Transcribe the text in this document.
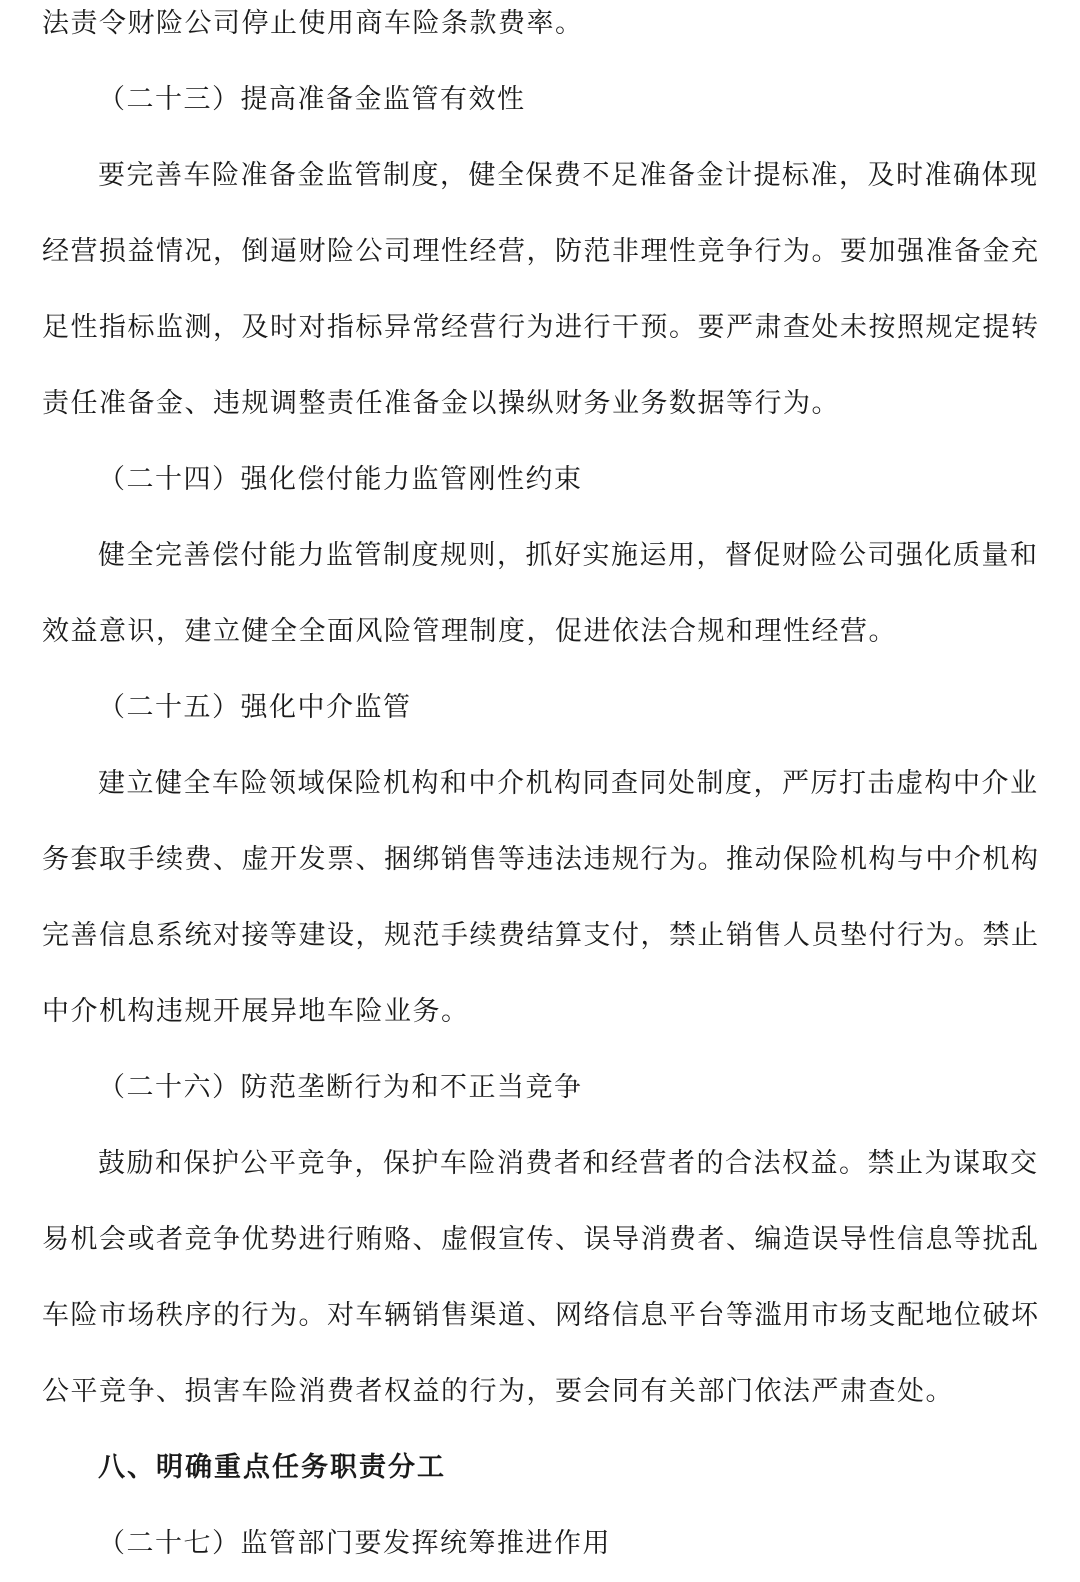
法责令财险公司停止使用商车险条款费率。
（二十三）提高准备金监管有效性
要完善车险准备金监管制度，健全保费不足准备金计提标准，及时准确体现
经营损益情况，倒逼财险公司理性经营，防范非理性竞争行为。要加强准备金充
足性指标监测，及时对指标异常经营行为进行干预。要严肃查处未按照规定提转
责任准备金、违规调整责任准备金以操纵财务业务数据等行为。
（二十四）强化偿付能力监管刚性约束
健全完善偿付能力监管制度规则，抓好实施运用，督促财险公司强化质量和
效益意识，建立健全全面风险管理制度，促进依法合规和理性经营。
（二十五）强化中介监管
建立健全车险领域保险机构和中介机构同查同处制度，严厉打击虚构中介业
务套取手续费、虚开发票、捆绑销售等违法违规行为。推动保险机构与中介机构
完善信息系统对接等建设，规范手续费结算支付，禁止销售人员垫付行为。禁止
中介机构违规开展异地车险业务。
（二十六）防范垄断行为和不正当竞争
鼓励和保护公平竞争，保护车险消费者和经营者的合法权益。禁止为谋取交
易机会或者竞争优势进行贿赂、虚假宣传、误导消费者、编造误导性信息等扰乱
车险市场秩序的行为。对车辆销售渠道、网络信息平台等滥用市场支配地位破坏
公平竞争、损害车险消费者权益的行为，要会同有关部门依法严肃查处。
八、明确重点任务职责分工
（二十七）监管部门要发挥统筹推进作用
